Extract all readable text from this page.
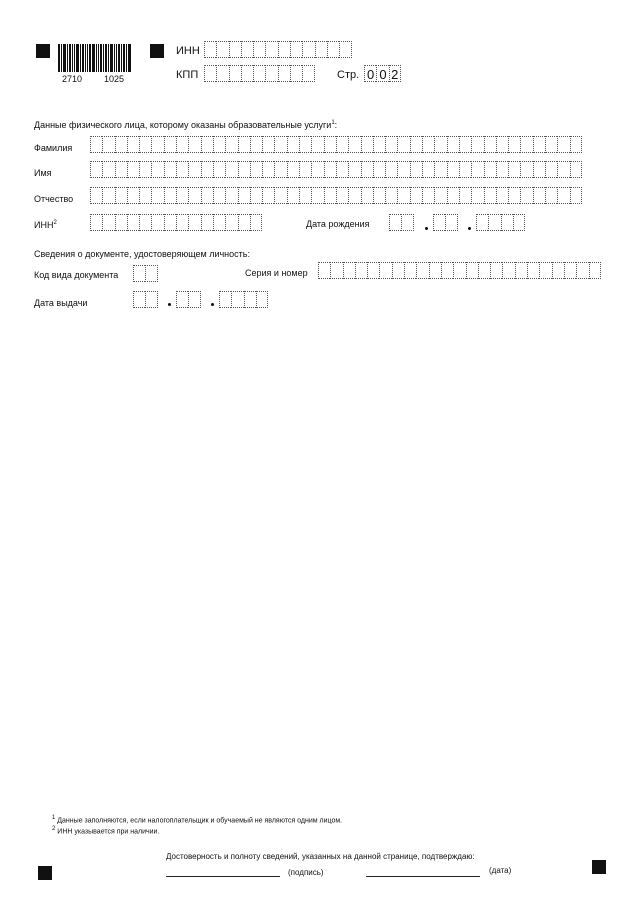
2710 1025
ИНН
КПП	Стр. 0 0 2
Данные физического лица, которому оказаны образовательные услуги$^1$:
Фамилия
Имя
Отчество
ИНН$^2$	Дата рождения
Сведения о документе, удостоверяющем личность:
Код вида документа	Серия и номер
Дата выдачи
$^1$ Данные заполняются, если налогоплательщик и обучаемый не являются одним лицом.
$^2$ ИНН указывается при наличии.
Достоверность и полноту сведений, указанных на данной странице, подтверждаю:
(подпись)	(дата)
